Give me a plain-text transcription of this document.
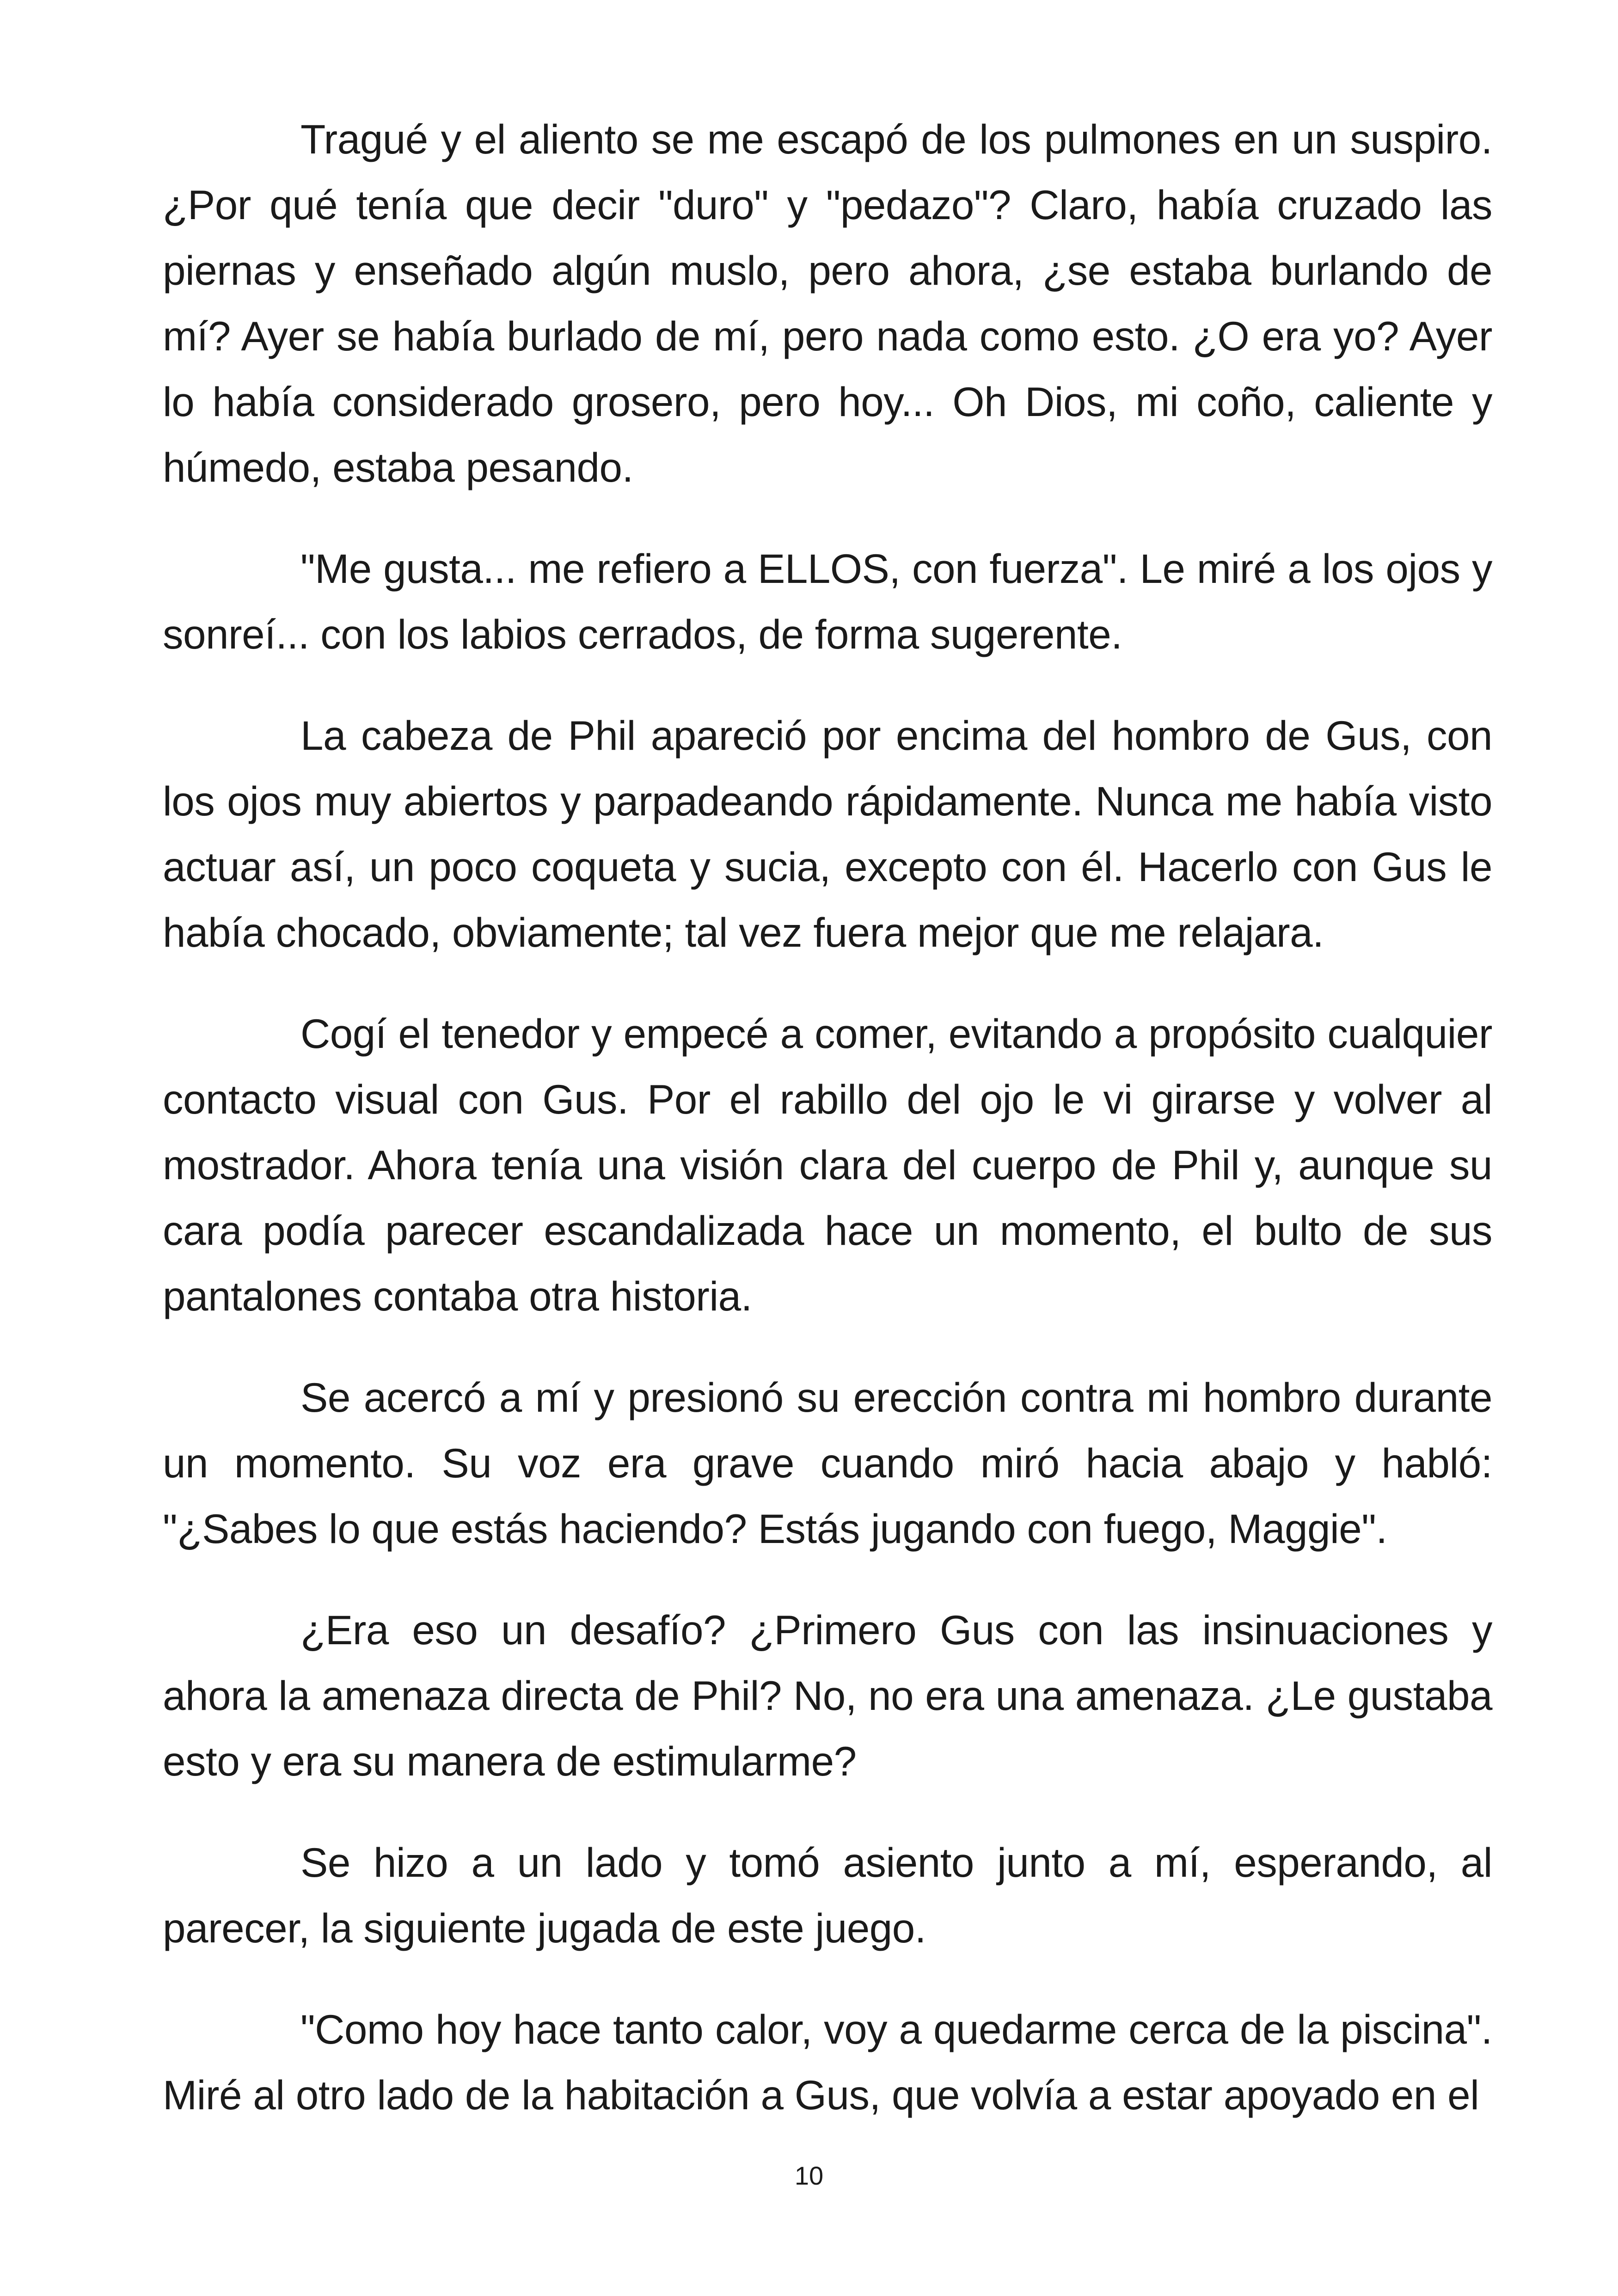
Tragué y el aliento se me escapó de los pulmones en un suspiro. ¿Por qué tenía que decir "duro" y "pedazo"? Claro, había cruzado las piernas y enseñado algún muslo, pero ahora, ¿se estaba burlando de mí? Ayer se había burlado de mí, pero nada como esto. ¿O era yo? Ayer lo había considerado grosero, pero hoy... Oh Dios, mi coño, caliente y húmedo, estaba pesando.

"Me gusta... me refiero a ELLOS, con fuerza". Le miré a los ojos y sonreí... con los labios cerrados, de forma sugerente.

La cabeza de Phil apareció por encima del hombro de Gus, con los ojos muy abiertos y parpadeando rápidamente. Nunca me había visto actuar así, un poco coqueta y sucia, excepto con él. Hacerlo con Gus le había chocado, obviamente; tal vez fuera mejor que me relajara.

Cogí el tenedor y empecé a comer, evitando a propósito cualquier contacto visual con Gus. Por el rabillo del ojo le vi girarse y volver al mostrador. Ahora tenía una visión clara del cuerpo de Phil y, aunque su cara podía parecer escandalizada hace un momento, el bulto de sus pantalones contaba otra historia.

Se acercó a mí y presionó su erección contra mi hombro durante un momento. Su voz era grave cuando miró hacia abajo y habló: "¿Sabes lo que estás haciendo? Estás jugando con fuego, Maggie".

¿Era eso un desafío? ¿Primero Gus con las insinuaciones y ahora la amenaza directa de Phil? No, no era una amenaza. ¿Le gustaba esto y era su manera de estimularme?

Se hizo a un lado y tomó asiento junto a mí, esperando, al parecer, la siguiente jugada de este juego.

"Como hoy hace tanto calor, voy a quedarme cerca de la piscina". Miré al otro lado de la habitación a Gus, que volvía a estar apoyado en el

10
